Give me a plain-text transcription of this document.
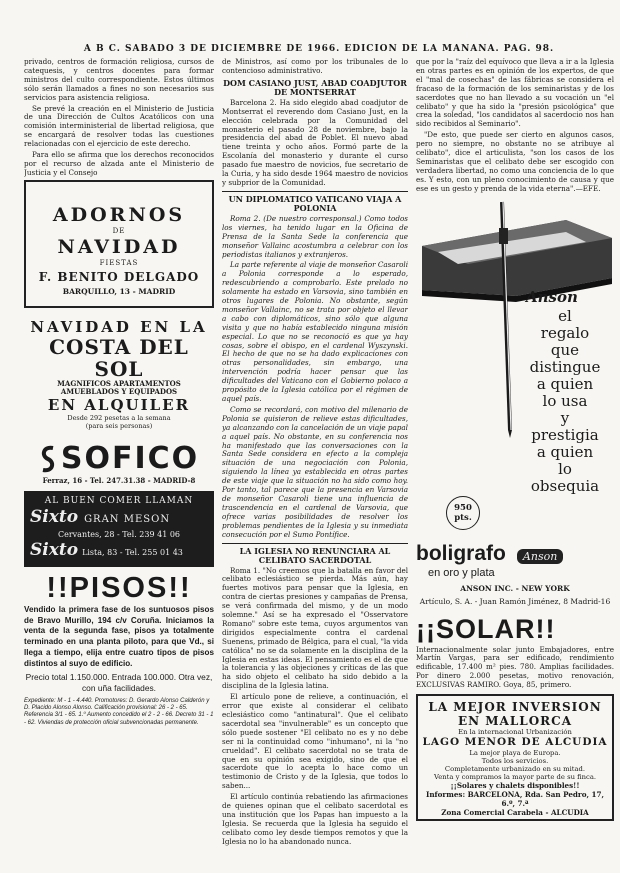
A B C. SABADO 3 DE DICIEMBRE DE 1966. EDICION DE LA MAÑANA. PAG. 98.

privado, centros de formación religiosa, cursos de catequesis, y centros docentes para formar ministros del culto correspondiente. Estos últimos sólo serán llamados a fines no son necesarios sus servicios para asistencia religiosa.

Se prevé la creación en el Ministerio de Justicia de una Dirección de Cultos Acatólicos con una comisión interministerial de libertad religiosa, que se encargará de resolver todas las cuestiones relacionadas con el ejercicio de este derecho.

Para ello se afirma que los derechos reconocidos por el recurso de alzada ante el Ministerio de Justicia y el Consejo

ADORNOS
DE
NAVIDAD
FIESTAS
F. BENITO DELGADO
BARQUILLO, 13 - MADRID
NAVIDAD EN LA
COSTA DEL SOL
MAGNIFICOS APARTAMENTOS
AMUEBLADOS Y EQUIPADOS
EN ALQUILER
Desde 292 pesetas a la semana
(para seis personas)
SOFICO
Ferraz, 16 - Tel. 247.31.38 - MADRID-8
AL BUEN COMER LLAMAN
Sixto GRAN MESON
Cervantes, 28 - Tel. 239 41 06
Sixto Lista, 83 - Tel. 255 01 43
!!PISOS!!
Vendido la primera fase de los suntuosos pisos de Bravo Murillo, 194 c/v Coruña. Iniciamos la venta de la segunda fase, pisos ya totalmente terminado en una planta piloto, para que Vd., si llega a tiempo, elija entre cuatro tipos de pisos distintos al suyo de edificio.
Precio total 1.150.000. Entrada 100.000. Otra vez, con uña facilidades.
Expediente: M - 1 - 4.440. Promotores: D. Gerardo Alonso Calderón y D. Placido Alonso Alonso. Calificación provisional: 26 - 2 - 65. Referencia 3/1 - 65. 1.º Aumento concedido el 2 - 2 - 66. Decreto 31 - 1 - 62. Viviendas de protección oficial subvencionadas permanente.

de Ministros, así como por los tribunales de lo contencioso administrativo.

DOM CASIANO JUST, ABAD COADJUTOR DE MONTSERRAT

Barcelona 2. Ha sido elegido abad coadjutor de Montserrat el reverendo dom Casiano Just, en la elección celebrada por la Comunidad del monasterio el pasado 28 de noviembre, bajo la presidencia del abad de Poblet. El nuevo abad tiene treinta y ocho años. Formó parte de la Escolanía del monasterio y durante el curso pasado fue maestro de novicios, fue secretario de la Curia, y ha sido desde 1964 maestro de novicios y subprior de la Comunidad.

UN DIPLOMATICO VATICANO VIAJA A POLONIA

Roma 2. (De nuestro corresponsal.) Como todos los viernes, ha tenido lugar en la Oficina de Prensa de la Santa Sede la conferencia que monseñor Vallainc acostumbra a celebrar con los periodistas italianos y extranjeros.

La parte referente al viaje de monseñor Casaroli a Polonia corresponde a lo esperado, redescubriendo a comprobarlo. Este prelado no solamente ha estado en Varsovia, sino también en otros lugares de Polonia. No obstante, según monseñor Vallainc, no se trata por objeto el llevar a cabo con diplomáticos, sino sólo que alguna visita y que no había establecido ninguna misión especial. Lo que no se reconoció es que ya hay cosas, sobre el obispo, en el cardenal Wyszynski. El hecho de que no se ha dado explicaciones con otras personalidades, sin embargo, una intervención podría hacer pensar que las dificultades del Vaticano con el Gobierno polaco a propósito de la Iglesia católica por el régimen de aquel país.

Como se recordará, con motivo del milenario de Polonia se quisieron de relieve estas dificultades, ya alcanzando con la cancelación de un viaje papal a aquel país. No obstante, en su conferencia nos ha manifestado que las conversaciones con la Santa Sede considera en efecto a la compleja situación de una negociación con Polonia, siguiendo la línea ya establecida en otras partes de este viaje que la situación no ha sido como hoy. Por tanto, tal parece que la presencia en Varsovia de monseñor Casaroli tiene una influencia de trascendencia en el cardenal de Varsovia, que ofrece varias posibilidades de resolver los problemas pendientes de la Iglesia y su inmediata consecución por el Sumo Pontífice.

LA IGLESIA NO RENUNCIARA AL CELIBATO SACERDOTAL

Roma 1. "No creemos que la batalla en favor del celibato eclesiástico se pierda. Más aún, hay fuertes motivos para pensar que la Iglesia, en contra de ciertas presiones y campañas de Prensa, se verá confirmada del mismo, y de un modo solemne." Así se ha expresado el "Osservatore Romano" sobre este tema, cuyos argumentos van dirigidos especialmente contra el cardenal Suenens, primado de Bélgica, para el cual, "la vida católica" no se da solamente en la disciplina de la Iglesia en estas ideas. El pensamiento es el de que la tolerancia y las objeciones y críticas de las que ha sido objeto el celibato ha sido debido a la disciplina de la Iglesia latina.

El artículo pone de relieve, a continuación, el error que existe al considerar el celibato eclesiástico como "antinatural". Que el celibato sacerdotal sea "invulnerable" es un concepto que sólo puede sostener "El celibato no es y no debe ser ni la continuidad como "inhumano", ni la "no crueldad". El celibato sacerdotal no se trata de que en su opinión sea exigido, sino de que el sacerdote que lo acepta lo hace como un testimonio de Cristo y de la Iglesia, que todos lo saben...

El artículo continúa rebatiendo las afirmaciones de quienes opinan que el celibato sacerdotal es una institución que los Papas han impuesto a la Iglesia. Se recuerda que la Iglesia ha seguido el celibato como ley desde tiempos remotos y que la Iglesia no lo ha abandonado nunca.

que por la "raíz del equívoco que lleva a ir a la Iglesia en otras partes es en opinión de los expertos, de que el "mal de cosechas" de las fábricas se considera el fracaso de la formación de los seminaristas y de los sacerdotes que no han llevado a su vocación un "el celibato" y que ha sido la "presión psicológica" que crea la soledad, "los candidatos al sacerdocio nos han sido recibidos al Seminario".

"De esto, que puede ser cierto en algunos casos, pero no siempre, no obstante no se atribuye al celibato", dice el articulista, "son los casos de los Seminaristas que el celibato debe ser escogido con verdadera libertad, no como una conciencia de lo que es. Y esto, con un pleno conocimiento de causa y que ese es un gesto y prenda de la vida eterna".—EFE.

Anson
el
regalo
que
distingue
a quien
lo usa
y
prestigia
a quien
lo
obsequia
950
pts.
boligrafo Anson
en oro y plata
ANSON INC. - NEW YORK
Artículo, S. A. - Juan Ramón Jiménez, 8 Madrid-16
¡¡SOLAR!!
Internacionalmente solar junto Embajadores, entre Martín Vargas, para ser edificado, rendimiento edificable, 17.400 m² pies. 780. Amplias facilidades. Por dinero 2.000 pesetas, motivo renovación, EXCLUSIVAS RAMIRO. Goya, 85, primero.
LA MEJOR INVERSION
EN MALLORCA
En la internacional Urbanización
LAGO MENOR DE ALCUDIA
La mejor playa de Europa.
Todos los servicios.
Completamente urbanizado en su mitad.
Venta y compramos la mayor parte de su finca.
¡¡Solares y chalets disponibles!!
Informes: BARCELONA, Rda. San Pedro, 17, 6.º, 7.ª
Zona Comercial Carabela - ALCUDIA
